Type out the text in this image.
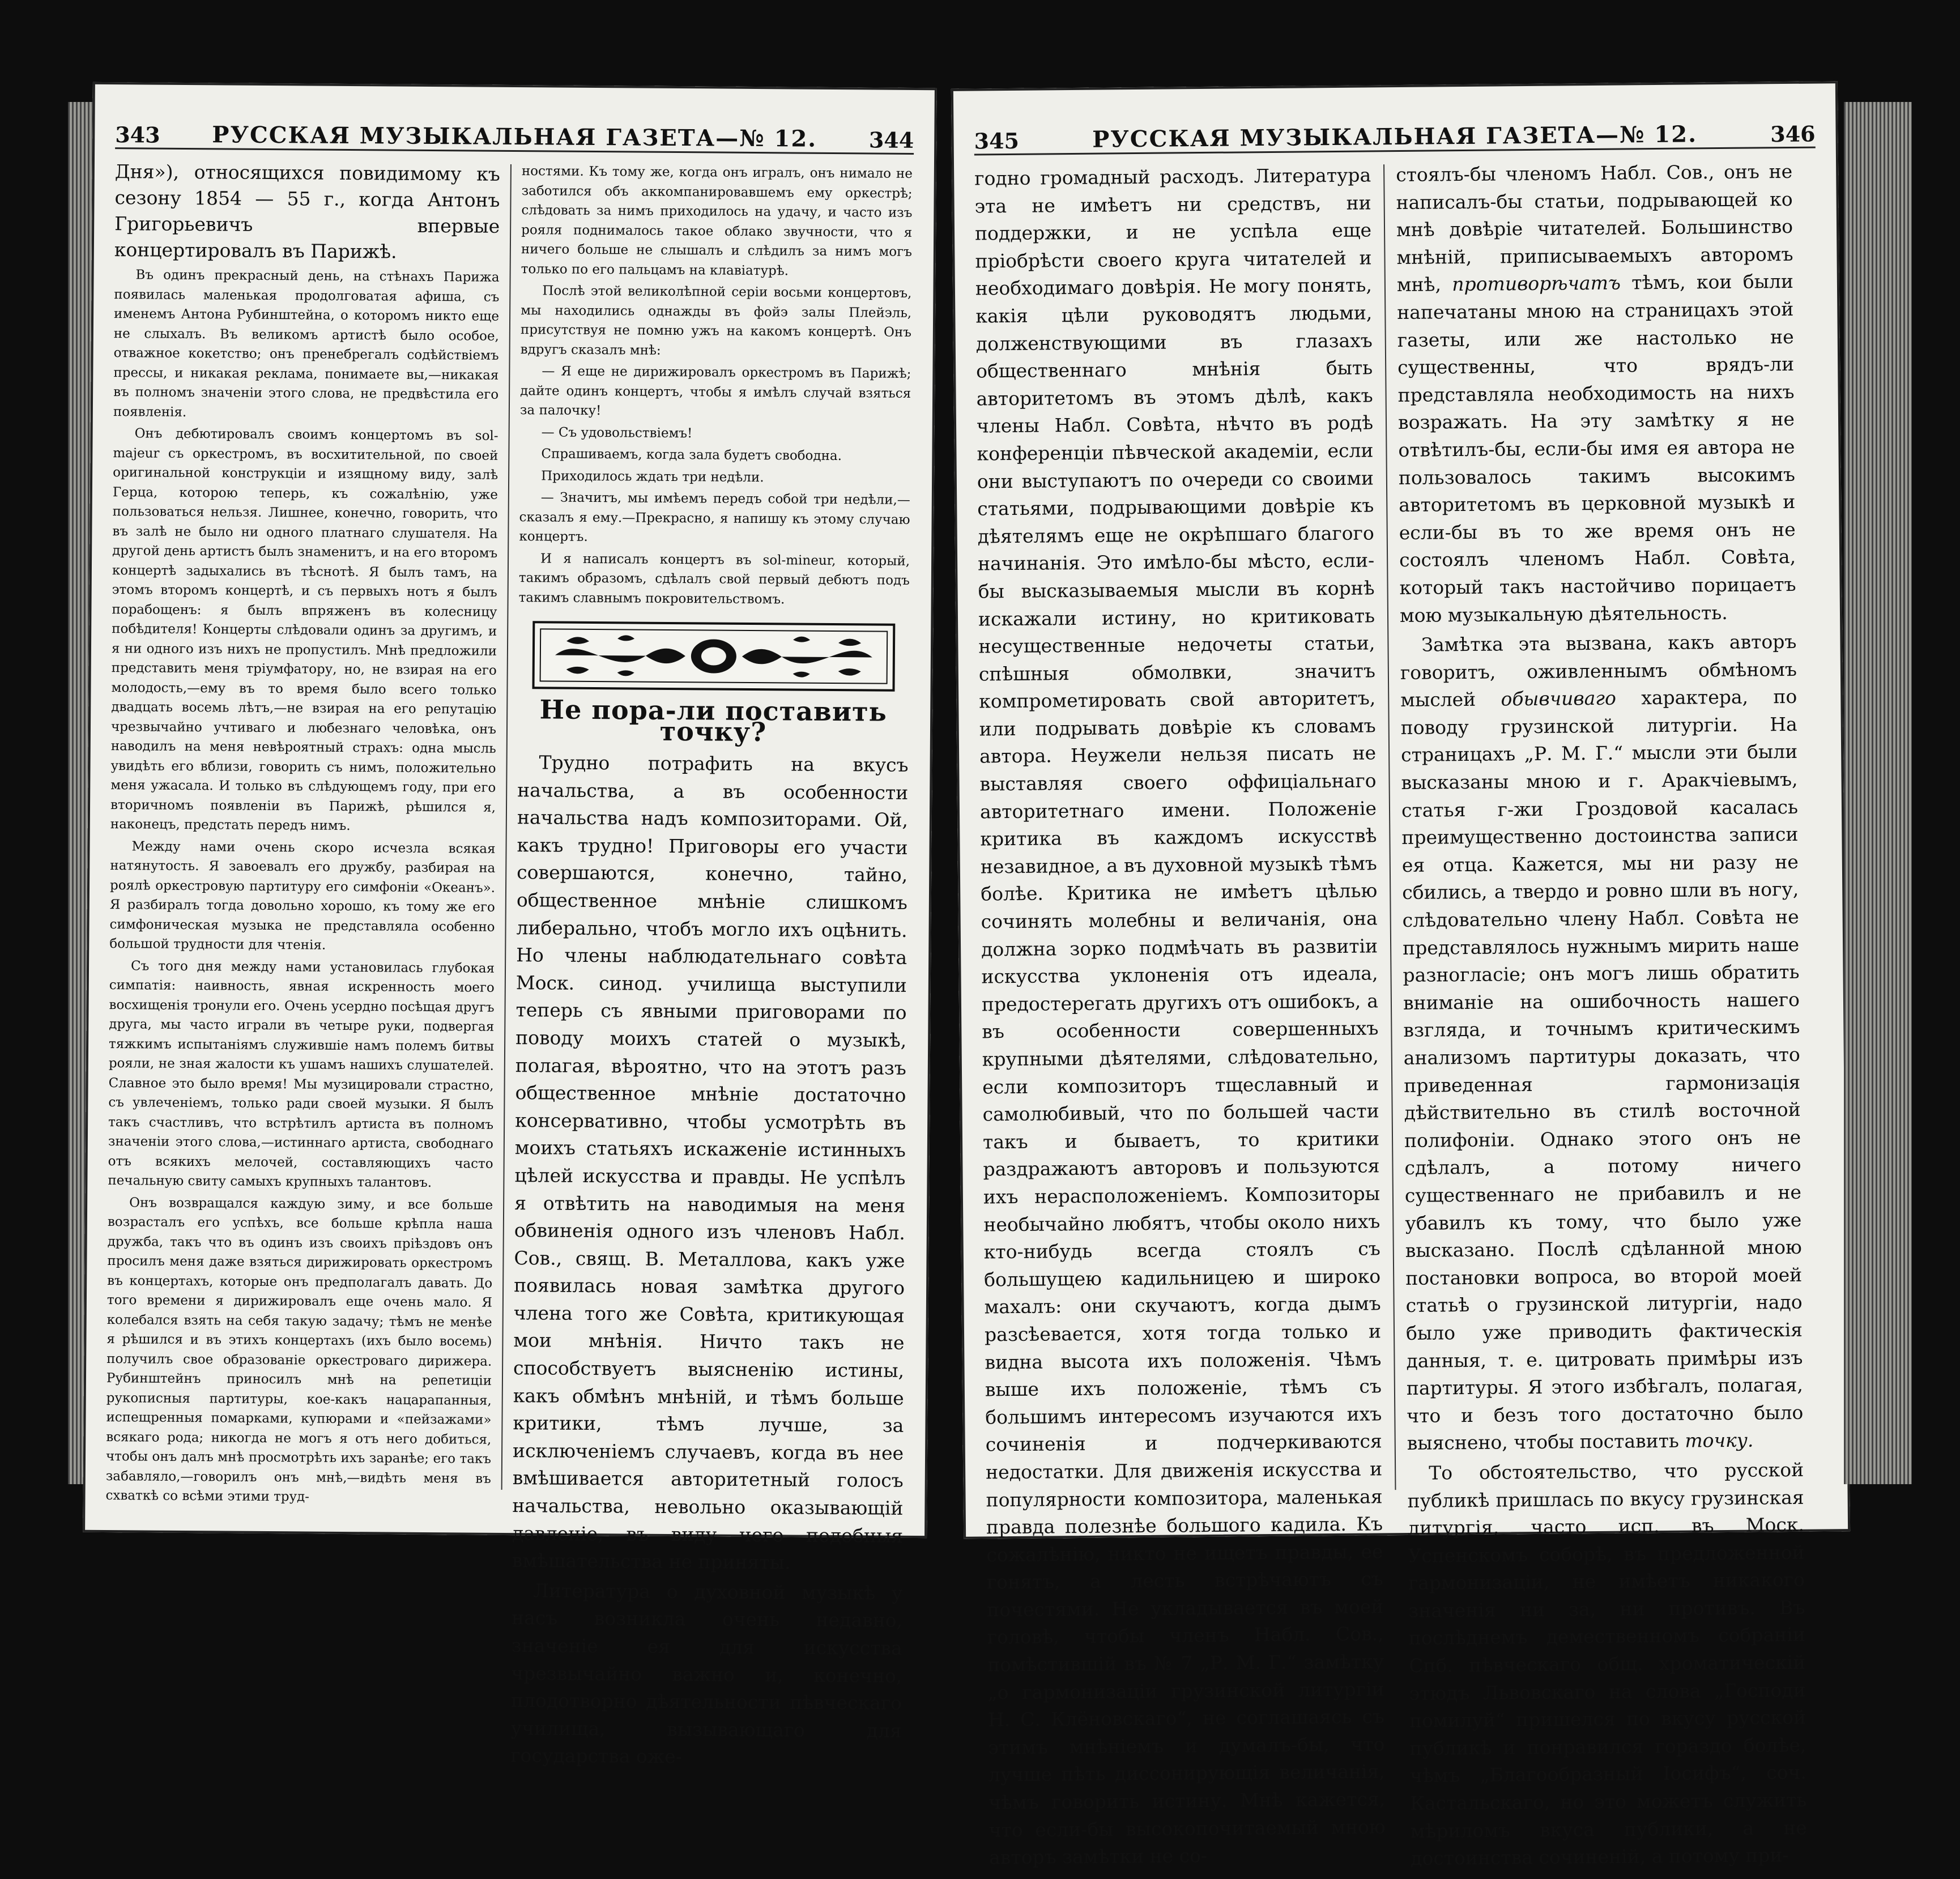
343 РУССКАЯ МУЗЫКАЛЬНАЯ ГАЗЕТА—№ 12. 344

Дня»), относящихся повидимому къ сезону 1854 — 55 г., когда Антонъ Григорьевичъ впервые концертировалъ въ Парижѣ.

Въ одинъ прекрасный день, на стѣнахъ Парижа появилась маленькая продолговатая афиша, съ именемъ Антона Рубинштейна, о которомъ никто еще не слыхалъ. Въ великомъ артистѣ было особое, отважное кокетство; онъ пренебрегалъ содѣйствіемъ прессы, и никакая реклама, понимаете вы,—никакая въ полномъ значеніи этого слова, не предвѣстила его появленія.

Онъ дебютировалъ своимъ концертомъ въ sol-majeur съ оркестромъ, въ восхитительной, по своей оригинальной конструкціи и изящному виду, залѣ Герца, которою теперь, къ сожалѣнію, уже пользоваться нельзя. Лишнее, конечно, говорить, что въ залѣ не было ни одного платнаго слушателя. На другой день артистъ былъ знаменитъ, и на его второмъ концертѣ задыхались въ тѣснотѣ. Я былъ тамъ, на этомъ второмъ концертѣ, и съ первыхъ нотъ я былъ порабощенъ: я былъ впряженъ въ колесницу побѣдителя! Концерты слѣдовали одинъ за другимъ, и я ни одного изъ нихъ не пропустилъ. Мнѣ предложили представить меня тріумфатору, но, не взирая на его молодость,—ему въ то время было всего только двадцать восемь лѣтъ,—не взирая на его репутацію чрезвычайно учтиваго и любезнаго человѣка, онъ наводилъ на меня невѣроятный страхъ: одна мысль увидѣть его вблизи, говорить съ нимъ, положительно меня ужасала. И только въ слѣдующемъ году, при его вторичномъ появленіи въ Парижѣ, рѣшился я, наконецъ, предстать передъ нимъ.

Между нами очень скоро исчезла всякая натянутость. Я завоевалъ его дружбу, разбирая на роялѣ оркестровую партитуру его симфоніи «Океанъ». Я разбиралъ тогда довольно хорошо, къ тому же его симфоническая музыка не представляла особенно большой трудности для чтенія.

Съ того дня между нами установилась глубокая симпатія: наивность, явная искренность моего восхищенія тронули его. Очень усердно посѣщая другъ друга, мы часто играли въ четыре руки, подвергая тяжкимъ испытаніямъ служившіе намъ полемъ битвы рояли, не зная жалости къ ушамъ нашихъ слушателей. Славное это было время! Мы музицировали страстно, съ увлеченіемъ, только ради своей музыки. Я былъ такъ счастливъ, что встрѣтилъ артиста въ полномъ значеніи этого слова,—истиннаго артиста, свободнаго отъ всякихъ мелочей, составляющихъ часто печальную свиту самыхъ крупныхъ талантовъ.

Онъ возвращался каждую зиму, и все больше возрасталъ его успѣхъ, все больше крѣпла наша дружба, такъ что въ одинъ изъ своихъ пріѣздовъ онъ просилъ меня даже взяться дирижировать оркестромъ въ концертахъ, которые онъ предполагалъ давать. До того времени я дирижировалъ еще очень мало. Я колебался взять на себя такую задачу; тѣмъ не менѣе я рѣшился и въ этихъ концертахъ (ихъ было восемь) получилъ свое образованіе оркестроваго дирижера. Рубинштейнъ приносилъ мнѣ на репетиціи рукописныя партитуры, кое-какъ нацарапанныя, испещренныя помарками, купюрами и «пейзажами» всякаго рода; никогда не могъ я отъ него добиться, чтобы онъ далъ мнѣ просмотрѣть ихъ заранѣе; его такъ забавляло,—говорилъ онъ мнѣ,—видѣть меня въ схваткѣ со всѣми этими труд-

ностями. Къ тому же, когда онъ игралъ, онъ нимало не заботился объ аккомпанировавшемъ ему оркестрѣ; слѣдовать за нимъ приходилось на удачу, и часто изъ рояля поднималось такое облако звучности, что я ничего больше не слышалъ и слѣдилъ за нимъ могъ только по его пальцамъ на клавіатурѣ.

Послѣ этой великолѣпной серіи восьми концертовъ, мы находились однажды въ фойэ залы Плейэль, присутствуя не помню ужъ на какомъ концертѣ. Онъ вдругъ сказалъ мнѣ:

— Я еще не дирижировалъ оркестромъ въ Парижѣ; дайте одинъ концертъ, чтобы я имѣлъ случай взяться за палочку!

— Съ удовольствіемъ!

Спрашиваемъ, когда зала будетъ свободна.

Приходилось ждать три недѣли.

— Значитъ, мы имѣемъ передъ собой три недѣли,—сказалъ я ему.—Прекрасно, я напишу къ этому случаю концертъ.

И я написалъ концертъ въ sol-mineur, который, такимъ образомъ, сдѣлалъ свой первый дебютъ подъ такимъ славнымъ покровительствомъ.

Не пора-ли поставить точку?

Трудно потрафить на вкусъ начальства, а въ особенности начальства надъ композиторами. Ой, какъ трудно! Приговоры его участи совершаются, конечно, тайно, общественное мнѣніе слишкомъ либерально, чтобъ могло ихъ оцѣнить. Но члены наблюдательнаго совѣта Моск. синод. училища выступили теперь съ явными приговорами по поводу моихъ статей о музыкѣ, полагая, вѣроятно, что на этотъ разъ общественное мнѣніе достаточно консервативно, чтобы усмотрѣть въ моихъ статьяхъ искаженіе истинныхъ цѣлей искусства и правды. Не успѣлъ я отвѣтить на наводимыя на меня обвиненія одного изъ членовъ Набл. Сов., свящ. В. Металлова, какъ уже появилась новая замѣтка другого члена того же Совѣта, критикующая мои мнѣнія. Ничто такъ не способствуетъ выясненію истины, какъ обмѣнъ мнѣній, и тѣмъ больше критики, тѣмъ лучше, за исключеніемъ случаевъ, когда въ нее вмѣшивается авторитетный голосъ начальства, невольно оказывающій давленіе, въ виду чего подобныя вмѣшательства не приняты.

Литература о духовной музыкѣ у насъ возникла очень недавно, значеніе ея для искусства чрезвычайно важно и, конечно, плодотворно дѣятельности пѣвческаго училища, вызывающаго для государства оже-

345	РУССКАЯ МУЗЫКАЛЬНАЯ ГАЗЕТА—№ 12.	346

годно громадный расходъ. Литература эта не имѣетъ ни средствъ, ни поддержки, и не успѣла еще пріобрѣсти своего круга читателей и необходимаго довѣрія. Не могу понять, какія цѣли руководятъ людьми, долженствующими въ глазахъ общественнаго мнѣнія быть авторитетомъ въ этомъ дѣлѣ, какъ члены Набл. Совѣта, нѣчто въ родѣ конференціи пѣвческой академіи, если они выступаютъ по очереди со своими статьями, подрывающими довѣріе къ дѣятелямъ еще не окрѣпшаго благого начинанія. Это имѣло-бы мѣсто, если-бы высказываемыя мысли въ корнѣ искажали истину, но критиковать несущественные недочеты статьи, спѣшныя обмолвки, значитъ компрометировать свой авторитетъ, или подрывать довѣріе къ словамъ автора. Неужели нельзя писать не выставляя своего оффиціальнаго авторитетнаго имени. Положеніе критика въ каждомъ искусствѣ незавидное, а въ духовной музыкѣ тѣмъ болѣе. Критика не имѣетъ цѣлью сочинять молебны и величанія, она должна зорко подмѣчать въ развитіи искусства уклоненія отъ идеала, предостерегать другихъ отъ ошибокъ, а въ особенности совершенныхъ крупными дѣятелями, слѣдовательно, если композиторъ тщеславный и самолюбивый, что по большей части такъ и бываетъ, то критики раздражаютъ авторовъ и пользуются ихъ нерасположеніемъ. Композиторы необычайно любятъ, чтобы около нихъ кто-нибудь всегда стоялъ съ большущею кадильницею и широко махалъ: они скучаютъ, когда дымъ разсѣевается, хотя тогда только и видна высота ихъ положенія. Чѣмъ выше ихъ положеніе, тѣмъ съ большимъ интересомъ изучаются ихъ сочиненія и подчеркиваются недостатки. Для движенія искусства и популярности композитора, маленькая правда полезнѣе большого кадила. Къ сожалѣнію, никто не ищетъ правды, ее гонятъ, а лесть встрѣчаютъ съ почестями. Не укладывается въ моей головѣ, чтобы членъ Набл. Сов., помѣстившій въ № 7 „Р. М. Г.“ замѣтку „о гармонизаціи грузинской литургіи Н. С. Клёновскаго“, не соглашаясь съ этимъ мнѣніемъ и думалъ-бы, что лучше пѣть диссонирующія величанія, чѣмъ говорить истину. Мнѣ кажется, что если-бы высокопочитаемый мною авторъ замѣтки не со-

стоялъ-бы членомъ Набл. Сов., онъ не написалъ-бы статьи, подрывающей ко мнѣ довѣріе читателей. Большинство мнѣній, приписываемыхъ авторомъ мнѣ, противорѣчатъ тѣмъ, кои были напечатаны мною на страницахъ этой газеты, или же настолько не существенны, что врядъ-ли представляла необходимость на нихъ возражать. На эту замѣтку я не отвѣтилъ-бы, если-бы имя ея автора не пользовалось такимъ высокимъ авторитетомъ въ церковной музыкѣ и если-бы въ то же время онъ не состоялъ членомъ Набл. Совѣта, который такъ настойчиво порицаетъ мою музыкальную дѣятельность.

Замѣтка эта вызвана, какъ авторъ говоритъ, оживленнымъ обмѣномъ мыслей обывчиваго характера, по поводу грузинской литургіи. На страницахъ „Р. М. Г.“ мысли эти были высказаны мною и г. Аракчіевымъ, статья г-жи Гроздовой касалась преимущественно достоинства записи ея отца. Кажется, мы ни разу не сбились, а твердо и ровно шли въ ногу, слѣдовательно члену Набл. Совѣта не представлялось нужнымъ мирить наше разногласіе; онъ могъ лишь обратить вниманіе на ошибочность нашего взгляда, и точнымъ критическимъ анализомъ партитуры доказать, что приведенная гармонизація дѣйствительно въ стилѣ восточной полифоніи. Однако этого онъ не сдѣлалъ, а потому ничего существеннаго не прибавилъ и не убавилъ къ тому, что было уже высказано. Послѣ сдѣланной мною постановки вопроса, во второй моей статьѣ о грузинской литургіи, надо было уже приводить фактическія данныя, т. е. цитровать примѣры изъ партитуры. Я этого избѣгалъ, полагая, что и безъ того достаточно было выяснено, чтобы поставить точку.

То обстоятельство, что русской публикѣ пришлась по вкусу грузинская литургія, часто исп. въ Моск. Успенскомъ соборѣ, въ предложенной гармонизаціи, не имѣетъ никакого значенія ни за, ни противъ. Въ послѣднемъ демественномъ собраніи Спб. пѣвческаго общ. хроматическій этюдъ Львовскаго на слова „Господи помилуй“ пришелся по вкусу русской публикѣ и понравился гораздо болѣе, чѣмъ „Благообразный Іосифъ“, соч. Кастальскаго, но это можетъ служить мѣриломъ вкуса публики, а не достоинства сочиненій, а потому при-
